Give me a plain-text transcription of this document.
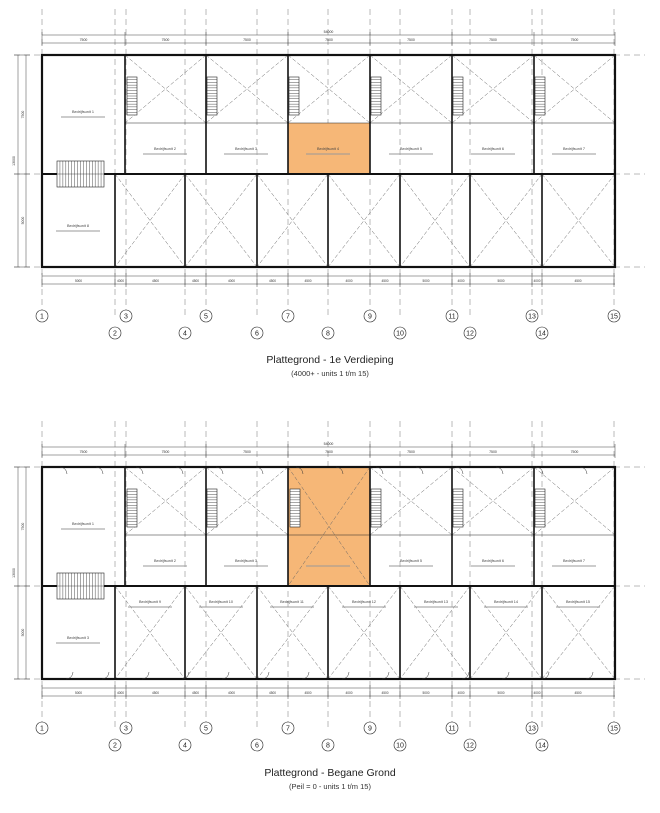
54000
7500	7500	7500	7500	7500	7500	7500
5000	4000	4500	4500	4000	4500	4500	4000	4500	5000	4000	5000	4000	4500
13000
7500
5000
Bedrijfsunit 1
Bedrijfsunit 2	Bedrijfsunit 3	Bedrijfsunit 4	Bedrijfsunit 5	Bedrijfsunit 6	Bedrijfsunit 7
Bedrijfsunit 8
1
2
3
4
5
6
7
8
9
10
11
12
13
14
15
54000
7500	7500	7500	7500	7500	7500	7500
5000	4000	4500	4500	4000	4500	4500	4000	4500	5000	4000	5000	4000	4500
13000
7500
5000
Bedrijfsunit 1
Bedrijfsunit 2	Bedrijfsunit 3	Bedrijfsunit 5	Bedrijfsunit 6	Bedrijfsunit 7
Bedrijfsunit 3
Bedrijfsunit 9	Bedrijfsunit 10	Bedrijfsunit 11	Bedrijfsunit 12	Bedrijfsunit 13	Bedrijfsunit 14	Bedrijfsunit 15
1
2
3
4
5
6
7
8
9
10
11
12
13
14
15
Plattegrond - 1e Verdieping
(4000+ - units 1 t/m 15)
Plattegrond - Begane Grond
(Peil = 0 - units 1 t/m 15)
